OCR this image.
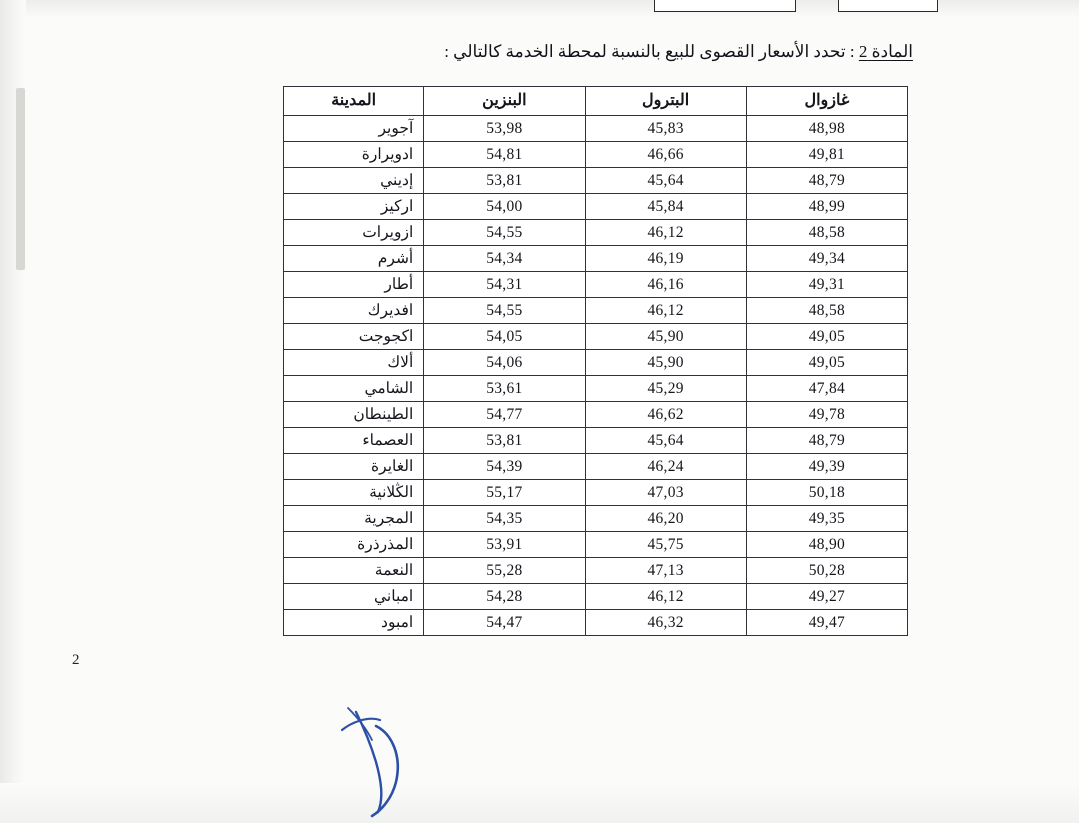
المادة 2 : تحدد الأسعار القصوى للبيع بالنسبة لمحطة الخدمة كالتالي :
غازوال	البترول	البنزين	المدينة
48,98	45,83	53,98	آجوير
49,81	46,66	54,81	ادويرارة
48,79	45,64	53,81	إديني
48,99	45,84	54,00	اركيز
48,58	46,12	54,55	ازويرات
49,34	46,19	54,34	أشرم
49,31	46,16	54,31	أطار
48,58	46,12	54,55	افديرك
49,05	45,90	54,05	اكجوجت
49,05	45,90	54,06	ألاك
47,84	45,29	53,61	الشامي
49,78	46,62	54,77	الطينطان
48,79	45,64	53,81	العصماء
49,39	46,24	54,39	الغايرة
50,18	47,03	55,17	الڭلانية
49,35	46,20	54,35	المجرية
48,90	45,75	53,91	المذرذرة
50,28	47,13	55,28	النعمة
49,27	46,12	54,28	امباني
49,47	46,32	54,47	امبود
2
